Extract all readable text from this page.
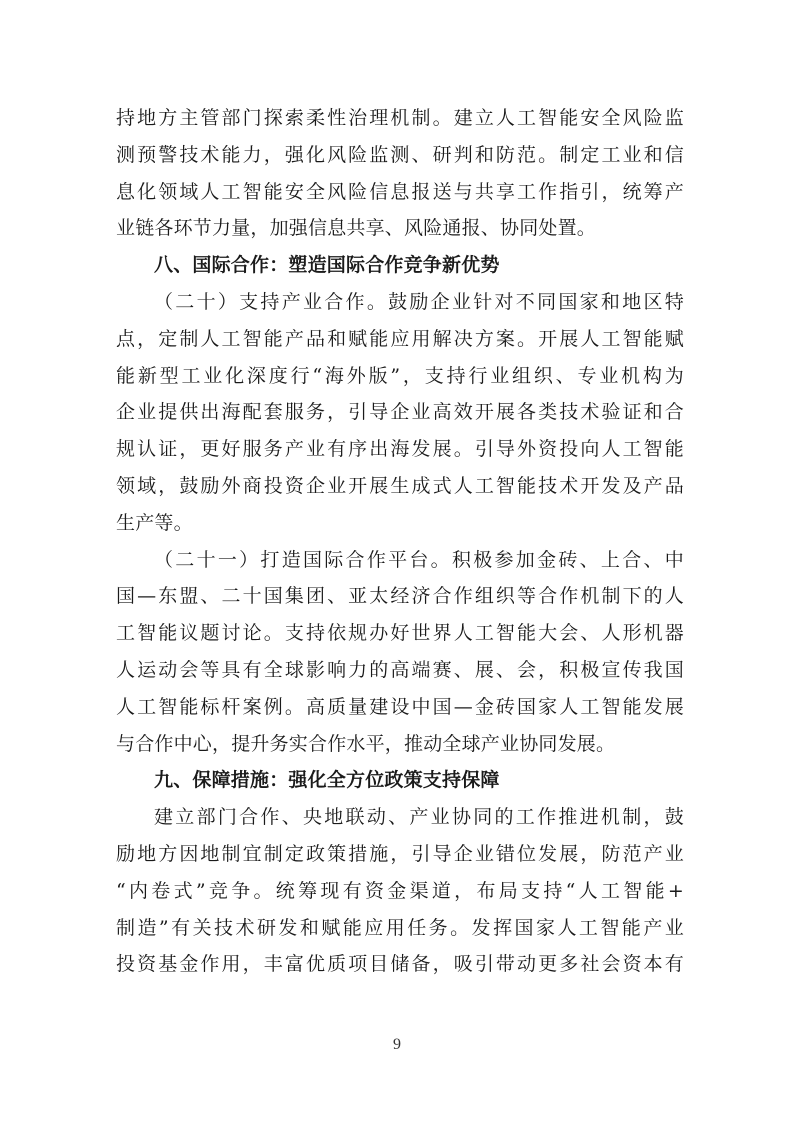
持地方主管部门探索柔性治理机制。建立人工智能安全风险监
测预警技术能力，强化风险监测、研判和防范。制定工业和信
息化领域人工智能安全风险信息报送与共享工作指引，统筹产
业链各环节力量，加强信息共享、风险通报、协同处置。
八、国际合作：塑造国际合作竞争新优势
（二十）支持产业合作。鼓励企业针对不同国家和地区特
点，定制人工智能产品和赋能应用解决方案。开展人工智能赋
能新型工业化深度行“海外版”，支持行业组织、专业机构为
企业提供出海配套服务，引导企业高效开展各类技术验证和合
规认证，更好服务产业有序出海发展。引导外资投向人工智能
领域，鼓励外商投资企业开展生成式人工智能技术开发及产品
生产等。
（二十一）打造国际合作平台。积极参加金砖、上合、中
国—东盟、二十国集团、亚太经济合作组织等合作机制下的人
工智能议题讨论。支持依规办好世界人工智能大会、人形机器
人运动会等具有全球影响力的高端赛、展、会，积极宣传我国
人工智能标杆案例。高质量建设中国—金砖国家人工智能发展
与合作中心，提升务实合作水平，推动全球产业协同发展。
九、保障措施：强化全方位政策支持保障
建立部门合作、央地联动、产业协同的工作推进机制，鼓
励地方因地制宜制定政策措施，引导企业错位发展，防范产业
“内卷式”竞争。统筹现有资金渠道，布局支持“人工智能+
制造”有关技术研发和赋能应用任务。发挥国家人工智能产业
投资基金作用，丰富优质项目储备，吸引带动更多社会资本有
9
